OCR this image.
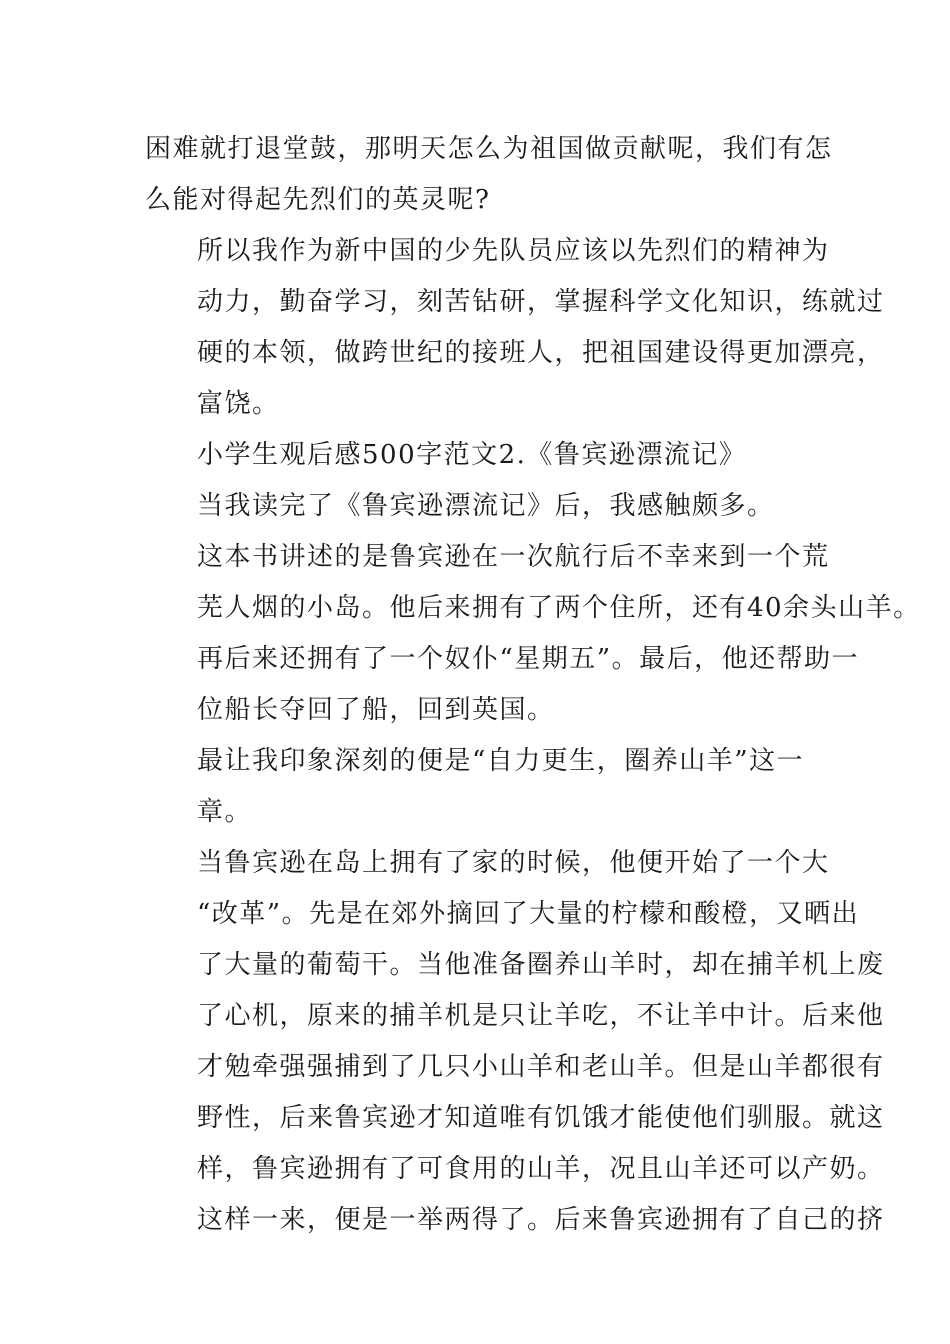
困难就打退堂鼓，那明天怎么为祖国做贡献呢，我们有怎
么能对得起先烈们的英灵呢?

所以我作为新中国的少先队员应该以先烈们的精神为
动力，勤奋学习，刻苦钻研，掌握科学文化知识，练就过
硬的本领，做跨世纪的接班人，把祖国建设得更加漂亮，
富饶。

小学生观后感500字范文2.《鲁宾逊漂流记》

当我读完了《鲁宾逊漂流记》后，我感触颇多。

这本书讲述的是鲁宾逊在一次航行后不幸来到一个荒
芜人烟的小岛。他后来拥有了两个住所，还有40余头山羊。
再后来还拥有了一个奴仆“星期五”。最后，他还帮助一
位船长夺回了船，回到英国。

最让我印象深刻的便是“自力更生，圈养山羊”这一
章。

当鲁宾逊在岛上拥有了家的时候，他便开始了一个大
“改革”。先是在郊外摘回了大量的柠檬和酸橙，又晒出
了大量的葡萄干。当他准备圈养山羊时，却在捕羊机上废
了心机，原来的捕羊机是只让羊吃，不让羊中计。后来他
才勉牵强强捕到了几只小山羊和老山羊。但是山羊都很有
野性，后来鲁宾逊才知道唯有饥饿才能使他们驯服。就这
样，鲁宾逊拥有了可食用的山羊，况且山羊还可以产奶。
这样一来，便是一举两得了。后来鲁宾逊拥有了自己的挤
